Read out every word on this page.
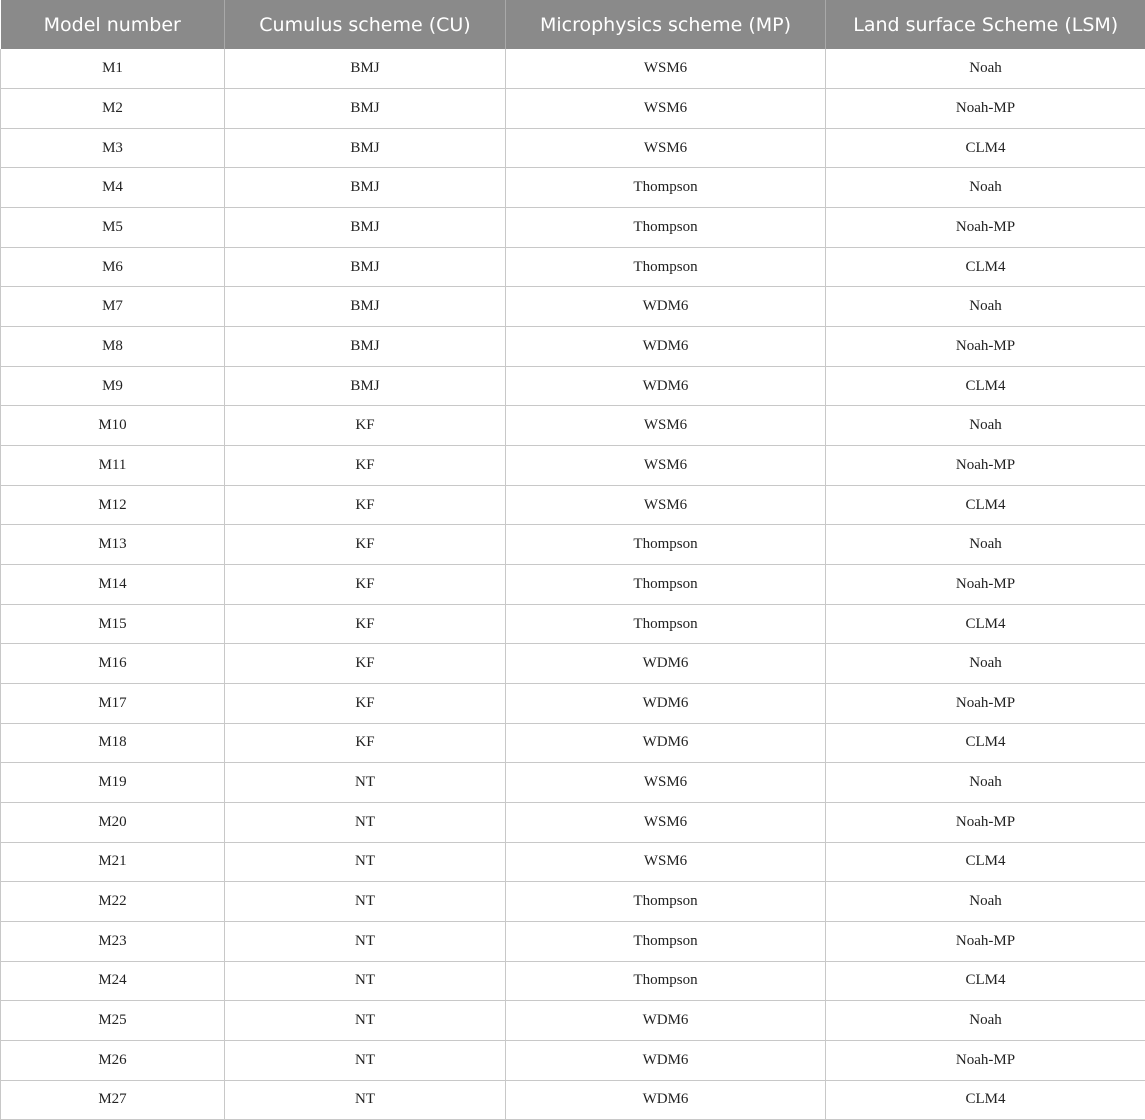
Model number	Cumulus scheme (CU)	Microphysics scheme (MP)	Land surface Scheme (LSM)
M1	BMJ	WSM6	Noah
M2	BMJ	WSM6	Noah-MP
M3	BMJ	WSM6	CLM4
M4	BMJ	Thompson	Noah
M5	BMJ	Thompson	Noah-MP
M6	BMJ	Thompson	CLM4
M7	BMJ	WDM6	Noah
M8	BMJ	WDM6	Noah-MP
M9	BMJ	WDM6	CLM4
M10	KF	WSM6	Noah
M11	KF	WSM6	Noah-MP
M12	KF	WSM6	CLM4
M13	KF	Thompson	Noah
M14	KF	Thompson	Noah-MP
M15	KF	Thompson	CLM4
M16	KF	WDM6	Noah
M17	KF	WDM6	Noah-MP
M18	KF	WDM6	CLM4
M19	NT	WSM6	Noah
M20	NT	WSM6	Noah-MP
M21	NT	WSM6	CLM4
M22	NT	Thompson	Noah
M23	NT	Thompson	Noah-MP
M24	NT	Thompson	CLM4
M25	NT	WDM6	Noah
M26	NT	WDM6	Noah-MP
M27	NT	WDM6	CLM4
